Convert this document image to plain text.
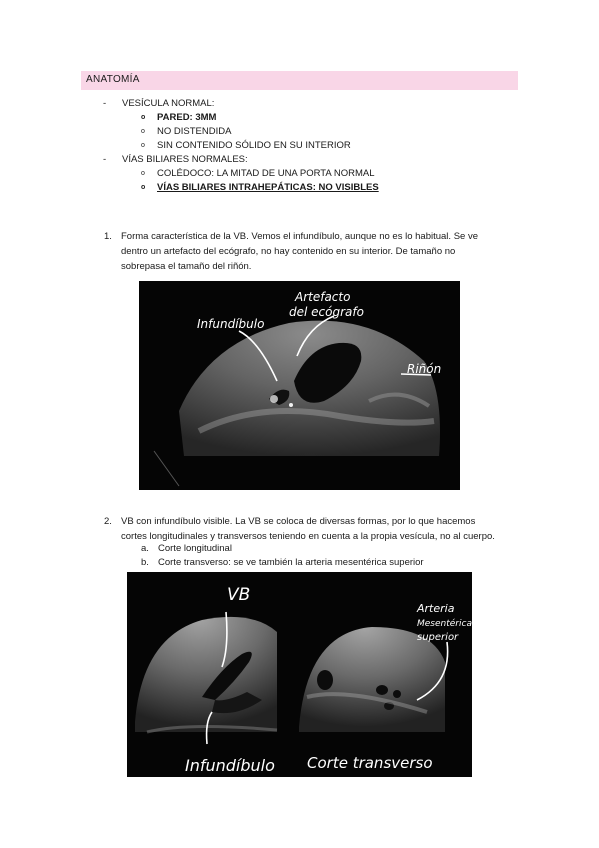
ANATOMÍA
- VESÍCULA NORMAL:
o PARED: 3MM
o NO DISTENDIDA
o SIN CONTENIDO SÓLIDO EN SU INTERIOR
- VÍAS BILIARES NORMALES:
o COLÉDOCO: LA MITAD DE UNA PORTA NORMAL
o VÍAS BILIARES INTRAHEPÁTICAS: NO VISIBLES
1. Forma característica de la VB. Vemos el infundíbulo, aunque no es lo habitual. Se ve dentro un artefacto del ecógrafo, no hay contenido en su interior. De tamaño no sobrepasa el tamaño del riñón.
Artefacto
del ecógrafo
Infundíbulo
Riñón
2. VB con infundíbulo visible. La VB se coloca de diversas formas, por lo que hacemos cortes longitudinales y transversos teniendo en cuenta a la propia vesícula, no al cuerpo.
a. Corte longitudinal
b. Corte transverso: se ve también la arteria mesentérica superior
VB
Infundíbulo
Arteria
Mesentérica
superior
Corte transverso
